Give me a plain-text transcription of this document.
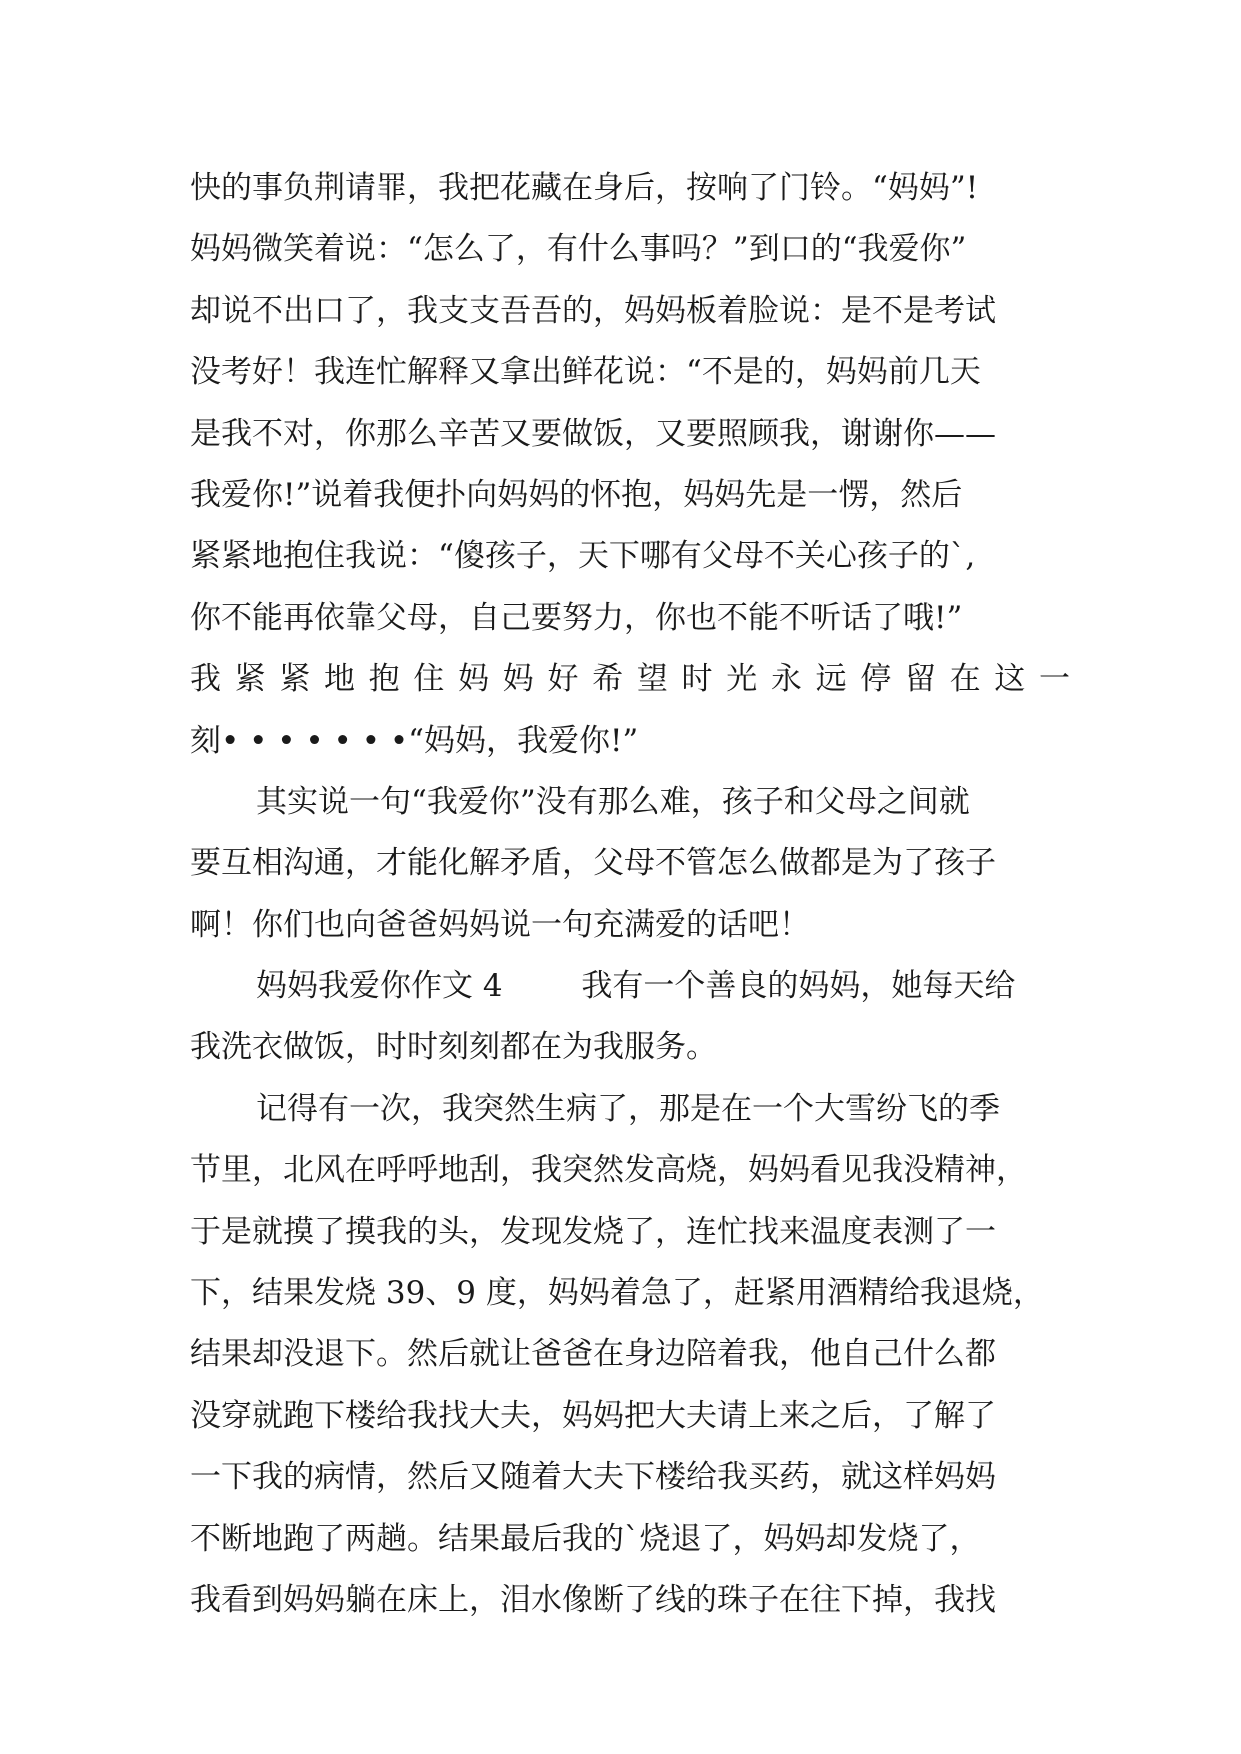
快的事负荆请罪，我把花藏在身后，按响了门铃。“妈妈”!
妈妈微笑着说：“怎么了，有什么事吗？”到口的“我爱你”
却说不出口了，我支支吾吾的，妈妈板着脸说：是不是考试
没考好！我连忙解释又拿出鲜花说：“不是的，妈妈前几天
是我不对，你那么辛苦又要做饭，又要照顾我，谢谢你——
我爱你!”说着我便扑向妈妈的怀抱，妈妈先是一愣，然后
紧紧地抱住我说：“傻孩子，天下哪有父母不关心孩子的`,
你不能再依靠父母，自己要努力，你也不能不听话了哦!”
我 紧 紧 地 抱 住 妈 妈 好 希 望 时 光 永 远 停 留 在 这 一
刻• • • • • • •“妈妈，我爱你!”
其实说一句“我爱你”没有那么难，孩子和父母之间就
要互相沟通，才能化解矛盾，父母不管怎么做都是为了孩子
啊！你们也向爸爸妈妈说一句充满爱的话吧！
妈妈我爱你作文 4        我有一个善良的妈妈，她每天给
我洗衣做饭，时时刻刻都在为我服务。
记得有一次，我突然生病了，那是在一个大雪纷飞的季
节里，北风在呼呼地刮，我突然发高烧，妈妈看见我没精神，
于是就摸了摸我的头，发现发烧了，连忙找来温度表测了一
下，结果发烧 39、9 度，妈妈着急了，赶紧用酒精给我退烧，
结果却没退下。然后就让爸爸在身边陪着我，他自己什么都
没穿就跑下楼给我找大夫，妈妈把大夫请上来之后，了解了
一下我的病情，然后又随着大夫下楼给我买药，就这样妈妈
不断地跑了两趟。结果最后我的`烧退了，妈妈却发烧了，
我看到妈妈躺在床上，泪水像断了线的珠子在往下掉，我找
